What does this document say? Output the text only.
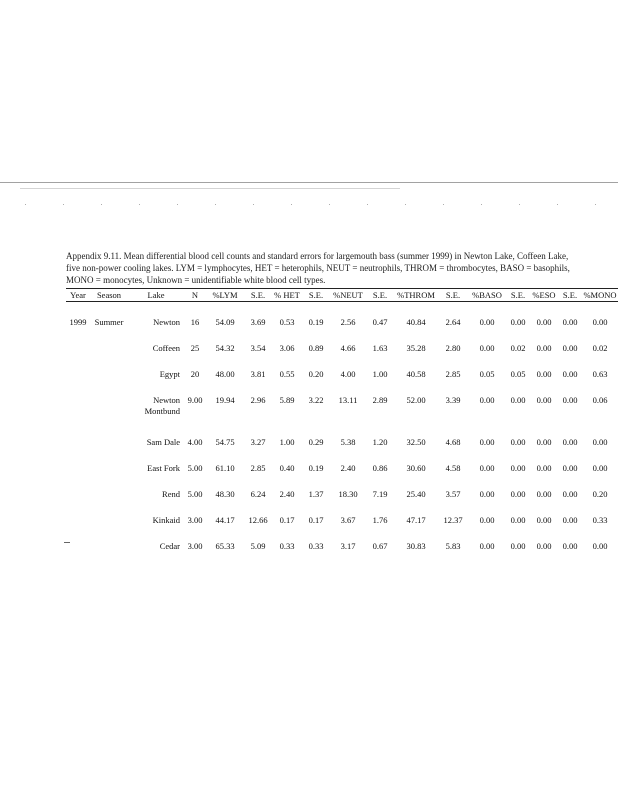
Appendix 9.11. Mean differential blood cell counts and standard errors for largemouth bass (summer 1999) in Newton Lake, Coffeen Lake,

five non-power cooling lakes. LYM = lymphocytes, HET = heterophils, NEUT = neutrophils, THROM = thrombocytes, BASO = basophils,

MONO = monocytes, Unknown = unidentifiable white blood cell types.

Year	Season	Lake	N	%LYM	S.E.	% HET	S.E.	%NEUT	S.E.	%THROM	S.E.	%BASO	S.E.	%ESO	S.E.	%MONO

1999	Summer	Newton	16	54.09	3.69	0.53	0.19	2.56	0.47	40.84	2.64	0.00	0.00	0.00	0.00	0.00
		Coffeen	25	54.32	3.54	3.06	0.89	4.66	1.63	35.28	2.80	0.00	0.02	0.00	0.00	0.02
		Egypt	20	48.00	3.81	0.55	0.20	4.00	1.00	40.58	2.85	0.05	0.05	0.00	0.00	0.63
		Newton Montbund	9.00	19.94	2.96	5.89	3.22	13.11	2.89	52.00	3.39	0.00	0.00	0.00	0.00	0.06
		Sam Dale	4.00	54.75	3.27	1.00	0.29	5.38	1.20	32.50	4.68	0.00	0.00	0.00	0.00	0.00
		East Fork	5.00	61.10	2.85	0.40	0.19	2.40	0.86	30.60	4.58	0.00	0.00	0.00	0.00	0.00
		Rend	5.00	48.30	6.24	2.40	1.37	18.30	7.19	25.40	3.57	0.00	0.00	0.00	0.00	0.20
		Kinkaid	3.00	44.17	12.66	0.17	0.17	3.67	1.76	47.17	12.37	0.00	0.00	0.00	0.00	0.33
		Cedar	3.00	65.33	5.09	0.33	0.33	3.17	0.67	30.83	5.83	0.00	0.00	0.00	0.00	0.00
